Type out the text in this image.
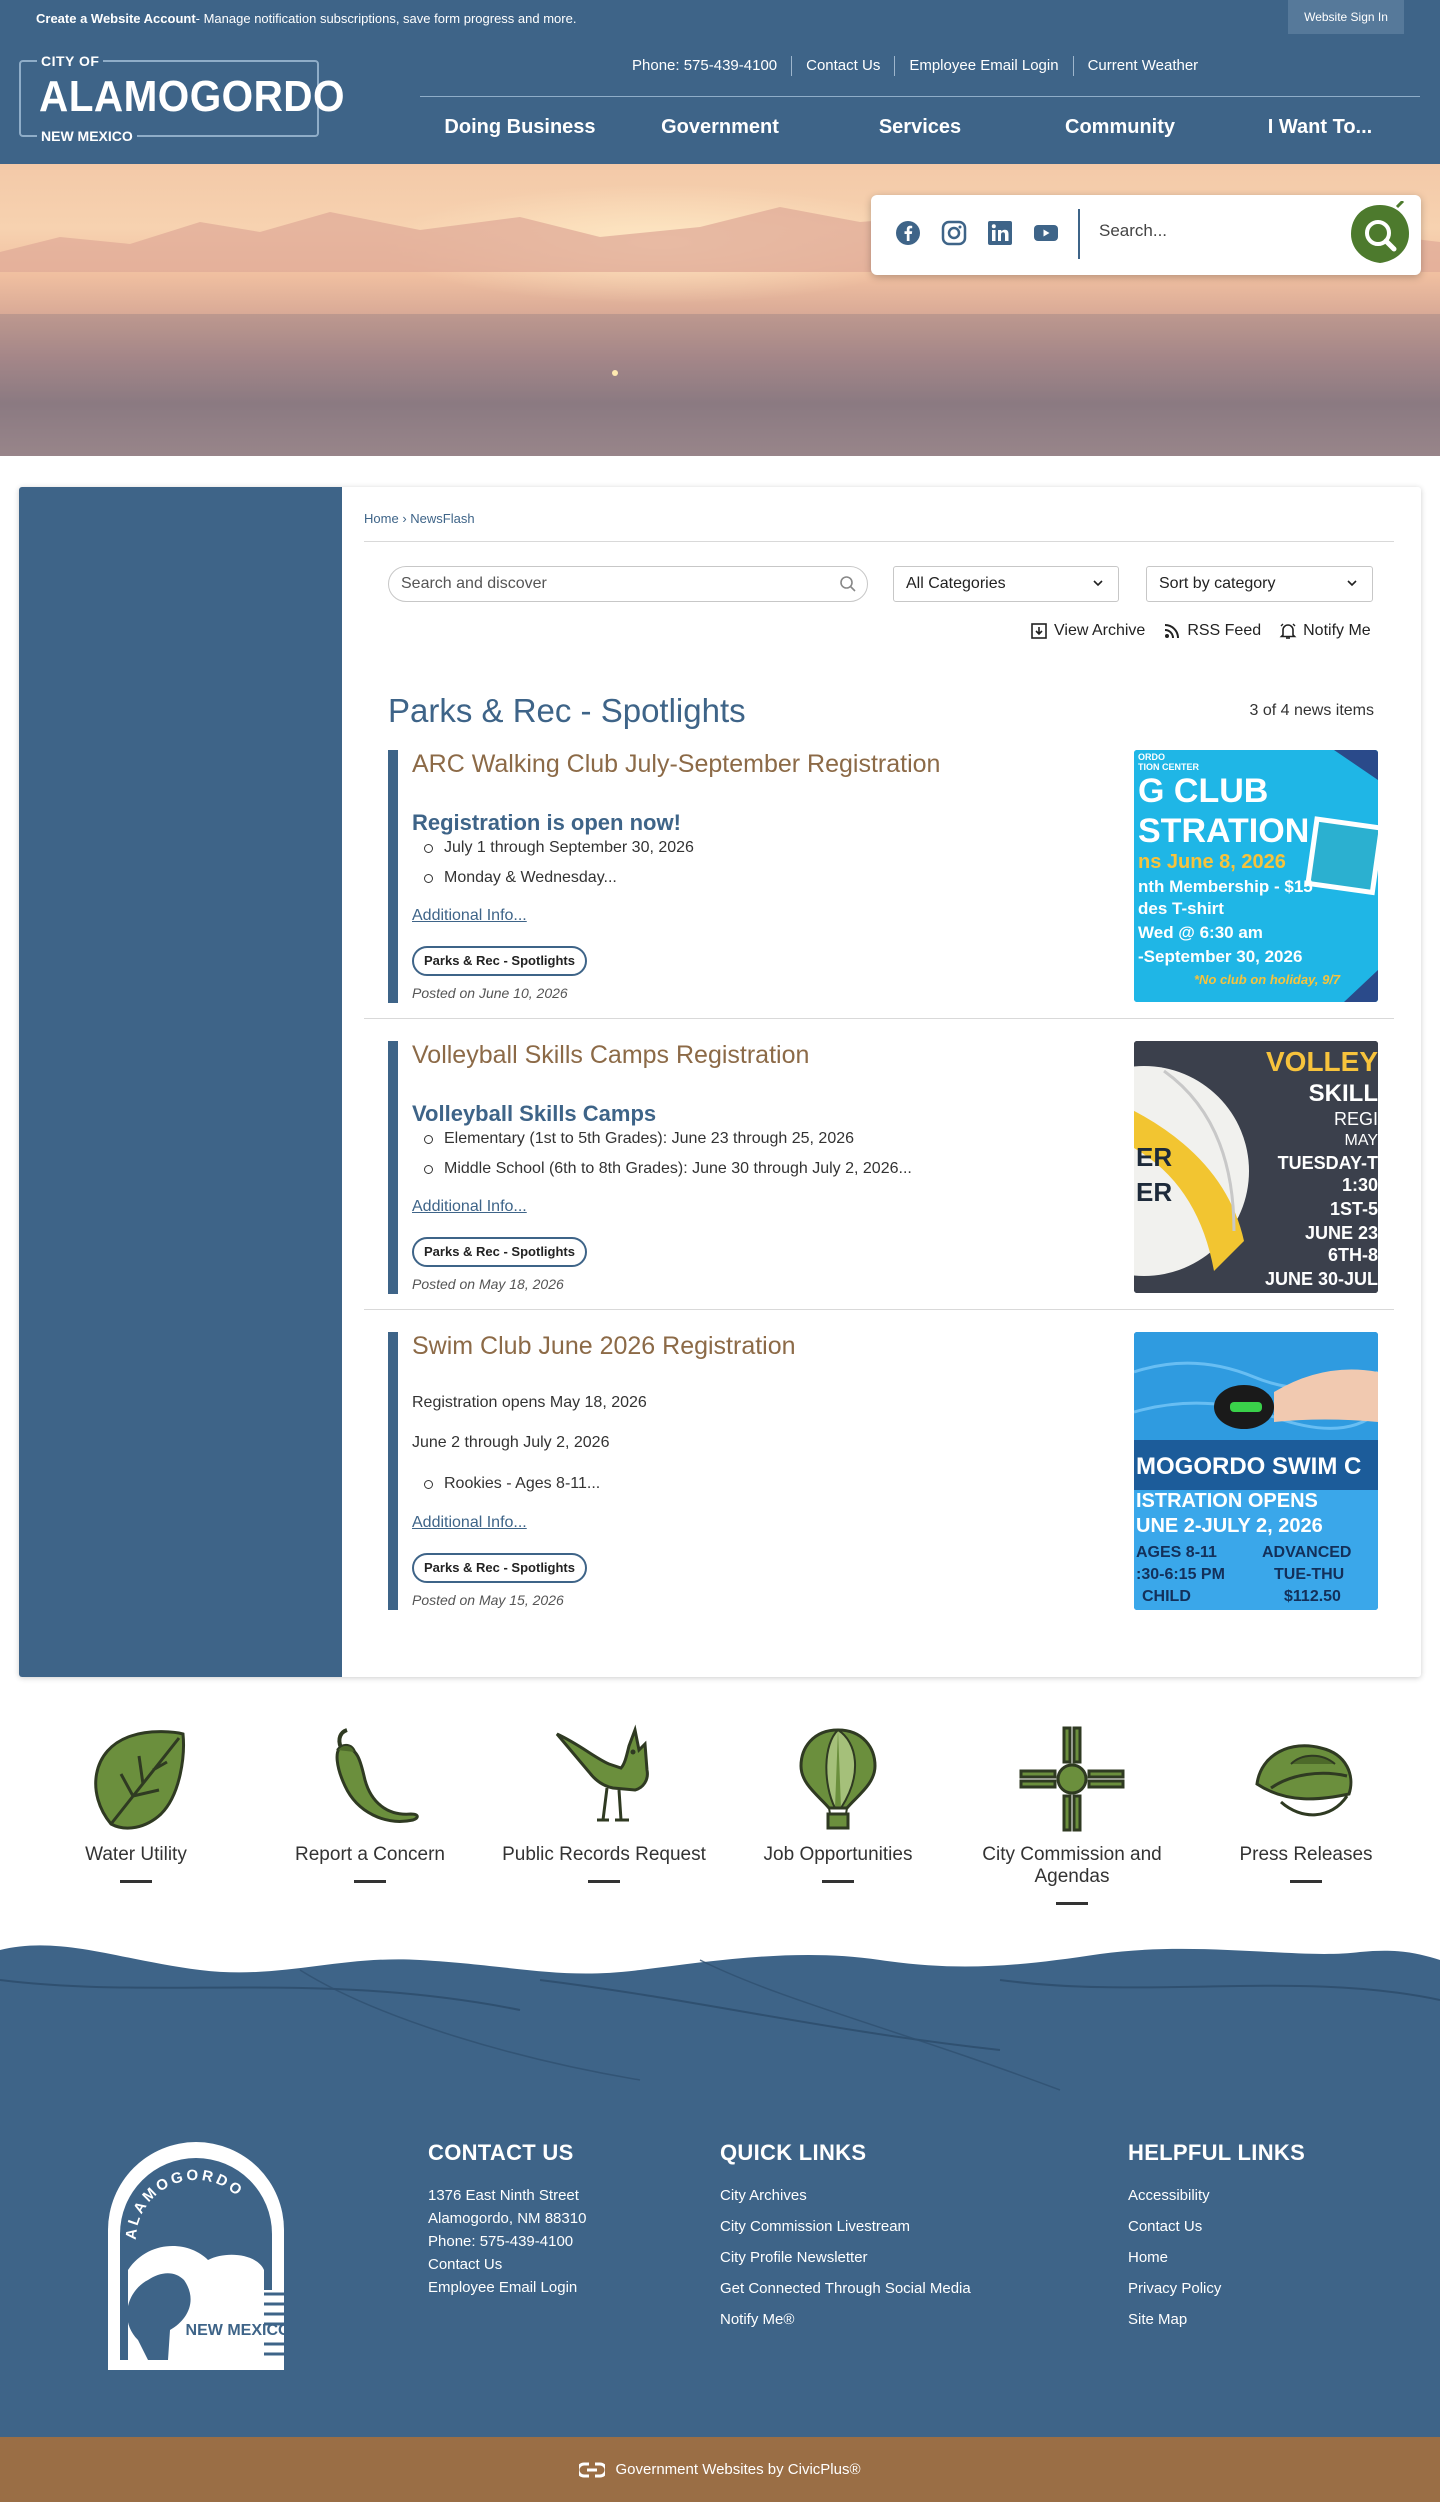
Create a Website Account - Manage notification subscriptions, save form progress and more.	Website Sign In
CITY OF
ALAMOGORDO
NEW MEXICO
Phone: 575-439-4100	Contact Us	Employee Email Login	Current Weather
Doing Business	Government	Services	Community	I Want To...
Search...
Home › NewsFlash
Search and discover	All Categories	Sort by category
View Archive	RSS Feed	Notify Me
Parks & Rec - Spotlights	3 of 4 news items
ARC Walking Club July-September Registration
Registration is open now!
July 1 through September 30, 2026
Monday & Wednesday...
Additional Info...
Parks & Rec - Spotlights
Posted on June 10, 2026
ORDO
TION CENTER
G CLUB
STRATION
ns June 8, 2026
nth Membership - $15
des T-shirt
Wed @ 6:30 am
-September 30, 2026
*No club on holiday, 9/7
Volleyball Skills Camps Registration
Volleyball Skills Camps
Elementary (1st to 5th Grades): June 23 through 25, 2026
Middle School (6th to 8th Grades): June 30 through July 2, 2026...
Additional Info...
Parks & Rec - Spotlights
Posted on May 18, 2026
VOLLEY
SKILL
REGI
MAY
TUESDAY-T
1:30
1ST-5
JUNE 23
6TH-8
JUNE 30-JUL
ER
ER
Swim Club June 2026 Registration

Registration opens May 18, 2026

June 2 through July 2, 2026

Rookies - Ages 8-11...
Additional Info...
Parks & Rec - Spotlights
Posted on May 15, 2026
MOGORDO SWIM C
ISTRATION OPENS
UNE 2-JULY 2, 2026
AGES 8-11	ADVANCED
:30-6:15 PM	TUE-THU
CHILD	$112.50
Water Utility	Report a Concern	Public Records Request	Job Opportunities	City Commission and Agendas
Press Releases
ALAMOGORDO
NEW MEXICO
CONTACT US
1376 East Ninth Street
Alamogordo, NM 88310
Phone: 575-439-4100
Contact Us
Employee Email Login
QUICK LINKS
City Archives
City Commission Livestream
City Profile Newsletter
Get Connected Through Social Media
Notify Me®
HELPFUL LINKS
Accessibility
Contact Us
Home
Privacy Policy
Site Map
Government Websites by CivicPlus®
